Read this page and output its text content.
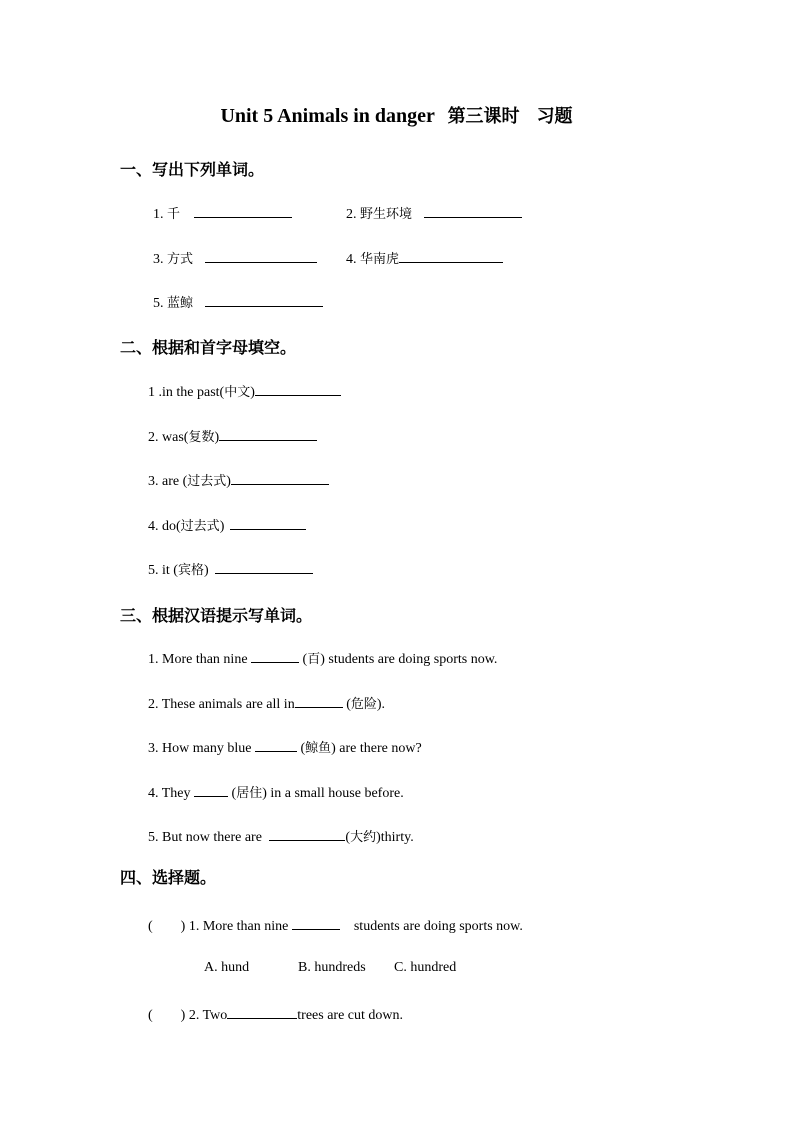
Unit 5 Animals in danger 第三课时 习题
一、写出下列单词。
1. 千	2. 野生环境
3. 方式	4. 华南虎
5. 蓝鲸
二、根据和首字母填空。
1 .in the past(中文)
2. was(复数)
3. are (过去式)
4. do(过去式)
5. it (宾格)
三、根据汉语提示写单词。
1. More than nine	(百) students are doing sports now.
2. These animals are all in	(危险).
3. How many blue	(鲸鱼) are there now?
4. They	(居住) in a small house before.
5. But now there are	(大约)thirty.
四、选择题。
(        ) 1. More than nine	students are doing sports now.
A. hund	B. hundreds C. hundred
(        ) 2. Two	trees are cut down.
